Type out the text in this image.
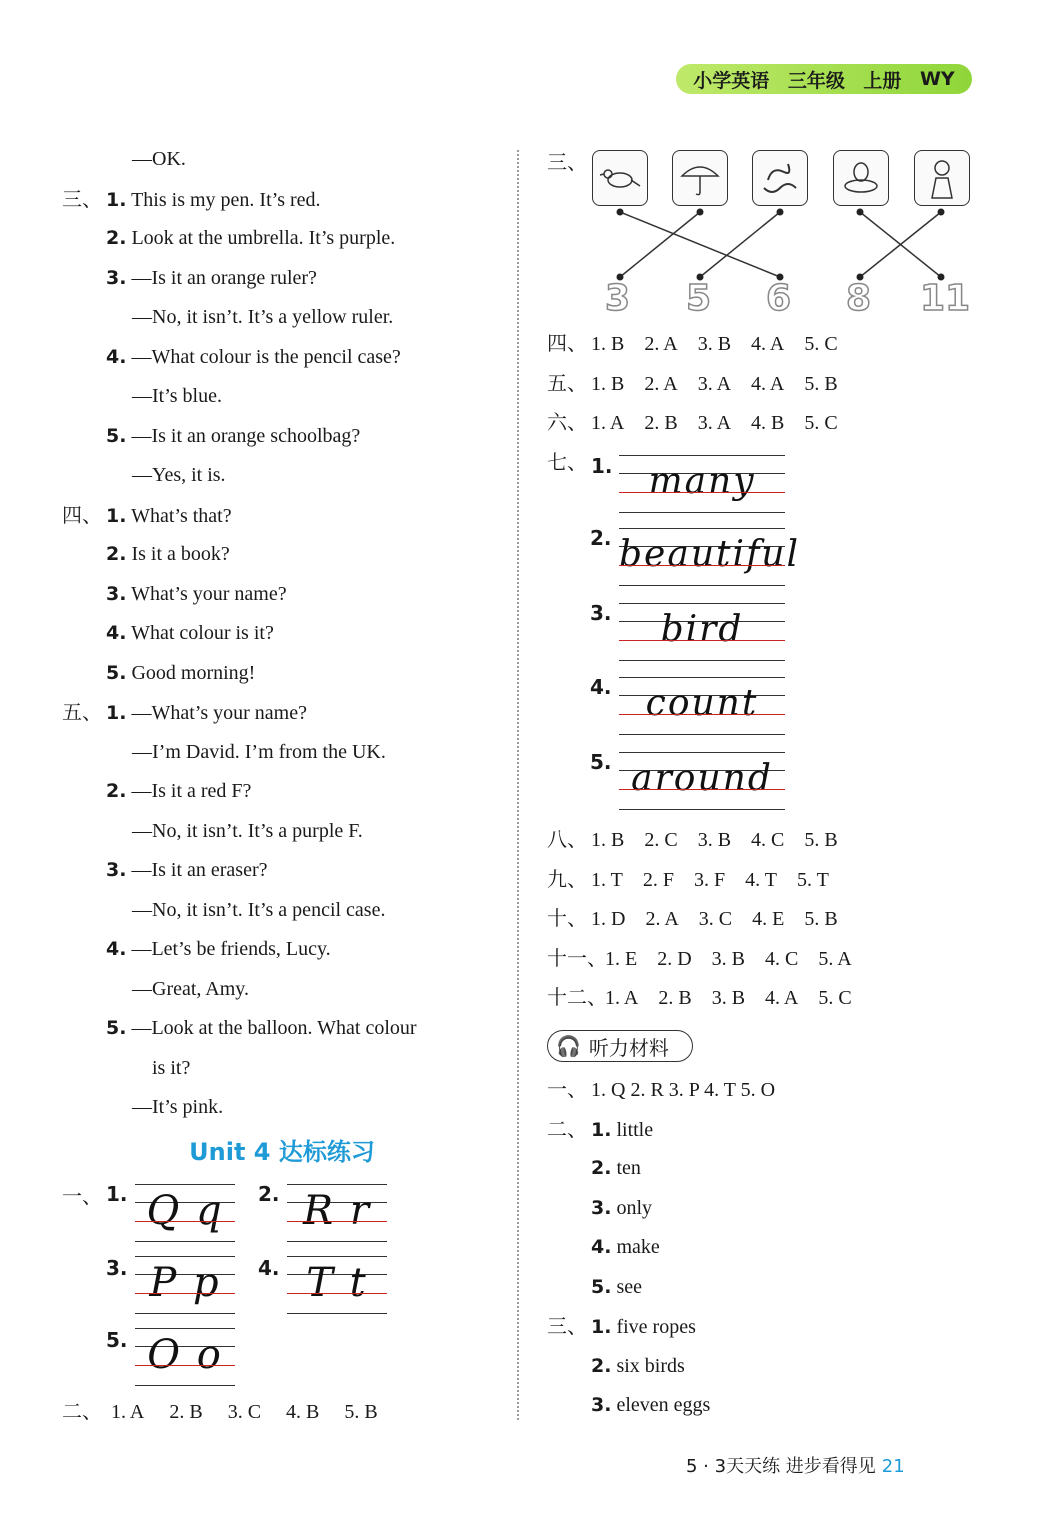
小学英语 三年级 上册 WY
—OK.
三、 1. This is my pen. It’s red.
2. Look at the umbrella. It’s purple.
3. —Is it an orange ruler?
—No, it isn’t. It’s a yellow ruler.
4. —What colour is the pencil case?
—It’s blue.
5. —Is it an orange schoolbag?
—Yes, it is.
四、 1. What’s that?
2. Is it a book?
3. What’s your name?
4. What colour is it?
5. Good morning!
五、 1. —What’s your name?
—I’m David. I’m from the UK.
2. —Is it a red F?
—No, it isn’t. It’s a purple F.
3. —Is it an eraser?
—No, it isn’t. It’s a pencil case.
4. —Let’s be friends, Lucy.
—Great, Amy.
5. —Look at the balloon. What colour
is it?
—It’s pink.
Unit 4 达标练习
一、 1. Q q	2. R r
3. P p	4. T t
5. O o
二、 1. A 2. B 3. C 4. B 5. B
三、
3 5 6 8 11
四、 1. B 2. A 3. B 4. A 5. C
五、 1. B 2. A 3. A 4. A 5. B
六、 1. A 2. B 3. A 4. B 5. C
七、 1. many
2. beautiful
3.	bird
4. count
5. around
八、 1. B 2. C 3. B 4. C 5. B
九、 1. T 2. F 3. F 4. T 5. T
十、 1. D 2. A 3. C 4. E 5. B
十一、1. E 2. D 3. B 4. C 5. A
十二、1. A 2. B 3. B 4. A 5. C
🎧 听力材料
一、 1. Q 2. R 3. P 4. T 5. O
二、 1. little
2. ten
3. only
4. make
5. see
三、 1. five ropes
2. six birds
3. eleven eggs
5 · 3天天练 进步看得见 21
